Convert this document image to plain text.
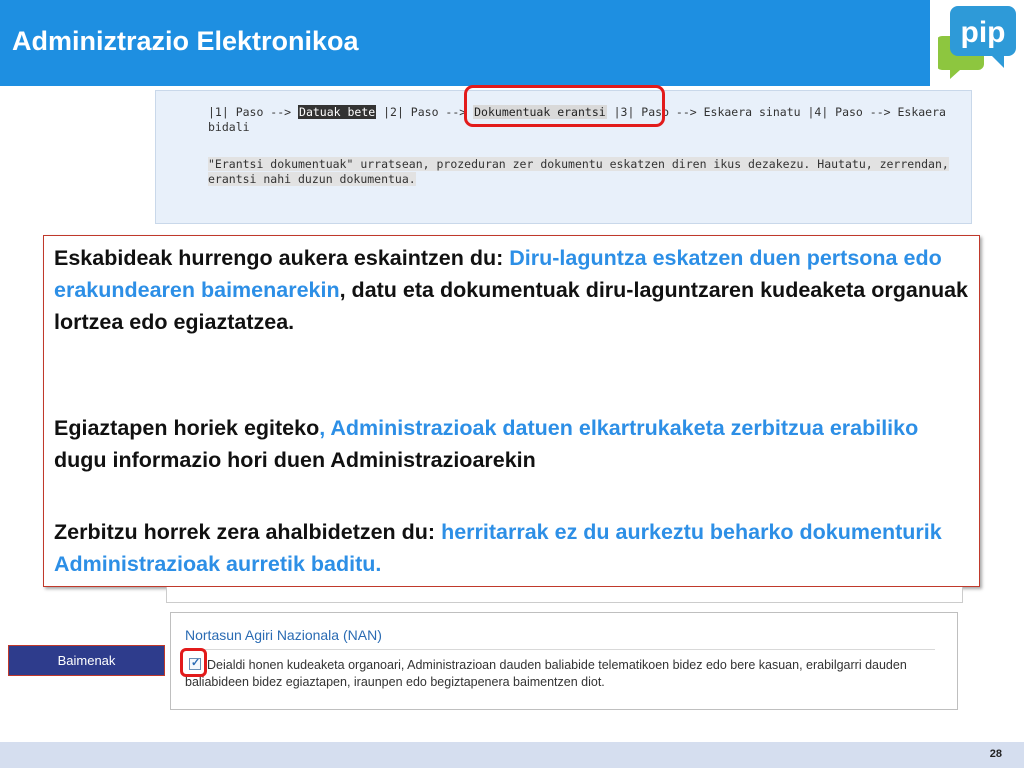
Adminiztrazio Elektronikoa	pip
|1| Paso --> Datuak bete |2| Paso --> Dokumentuak erantsi |3| Paso --> Eskaera sinatu |4| Paso --> Eskaera bidali
"Erantsi dokumentuak" urratsean, prozeduran zer dokumentu eskatzen diren ikus dezakezu. Hautatu, zerrendan, erantsi nahi duzun dokumentua.
Eskabideak hurrengo aukera eskaintzen du: Diru-laguntza eskatzen duen pertsona edo erakundearen baimenarekin, datu eta dokumentuak diru-laguntzaren kudeaketa organuak lortzea edo egiaztatzea.
Egiaztapen horiek egiteko, Administrazioak datuen elkartrukaketa zerbitzua erabiliko dugu informazio hori duen Administrazioarekin
Zerbitzu horrek zera ahalbidetzen du: herritarrak ez du aurkeztu beharko dokumenturik Administrazioak aurretik baditu.
Nortasun Agiri Nazionala (NAN)
Deialdi honen kudeaketa organoari, Administrazioan dauden baliabide telematikoen bidez edo bere kasuan, erabilgarri dauden baliabideen bidez egiaztapen, iraunpen edo begiztapenera baimentzen diot.
✓
Baimenak
28
